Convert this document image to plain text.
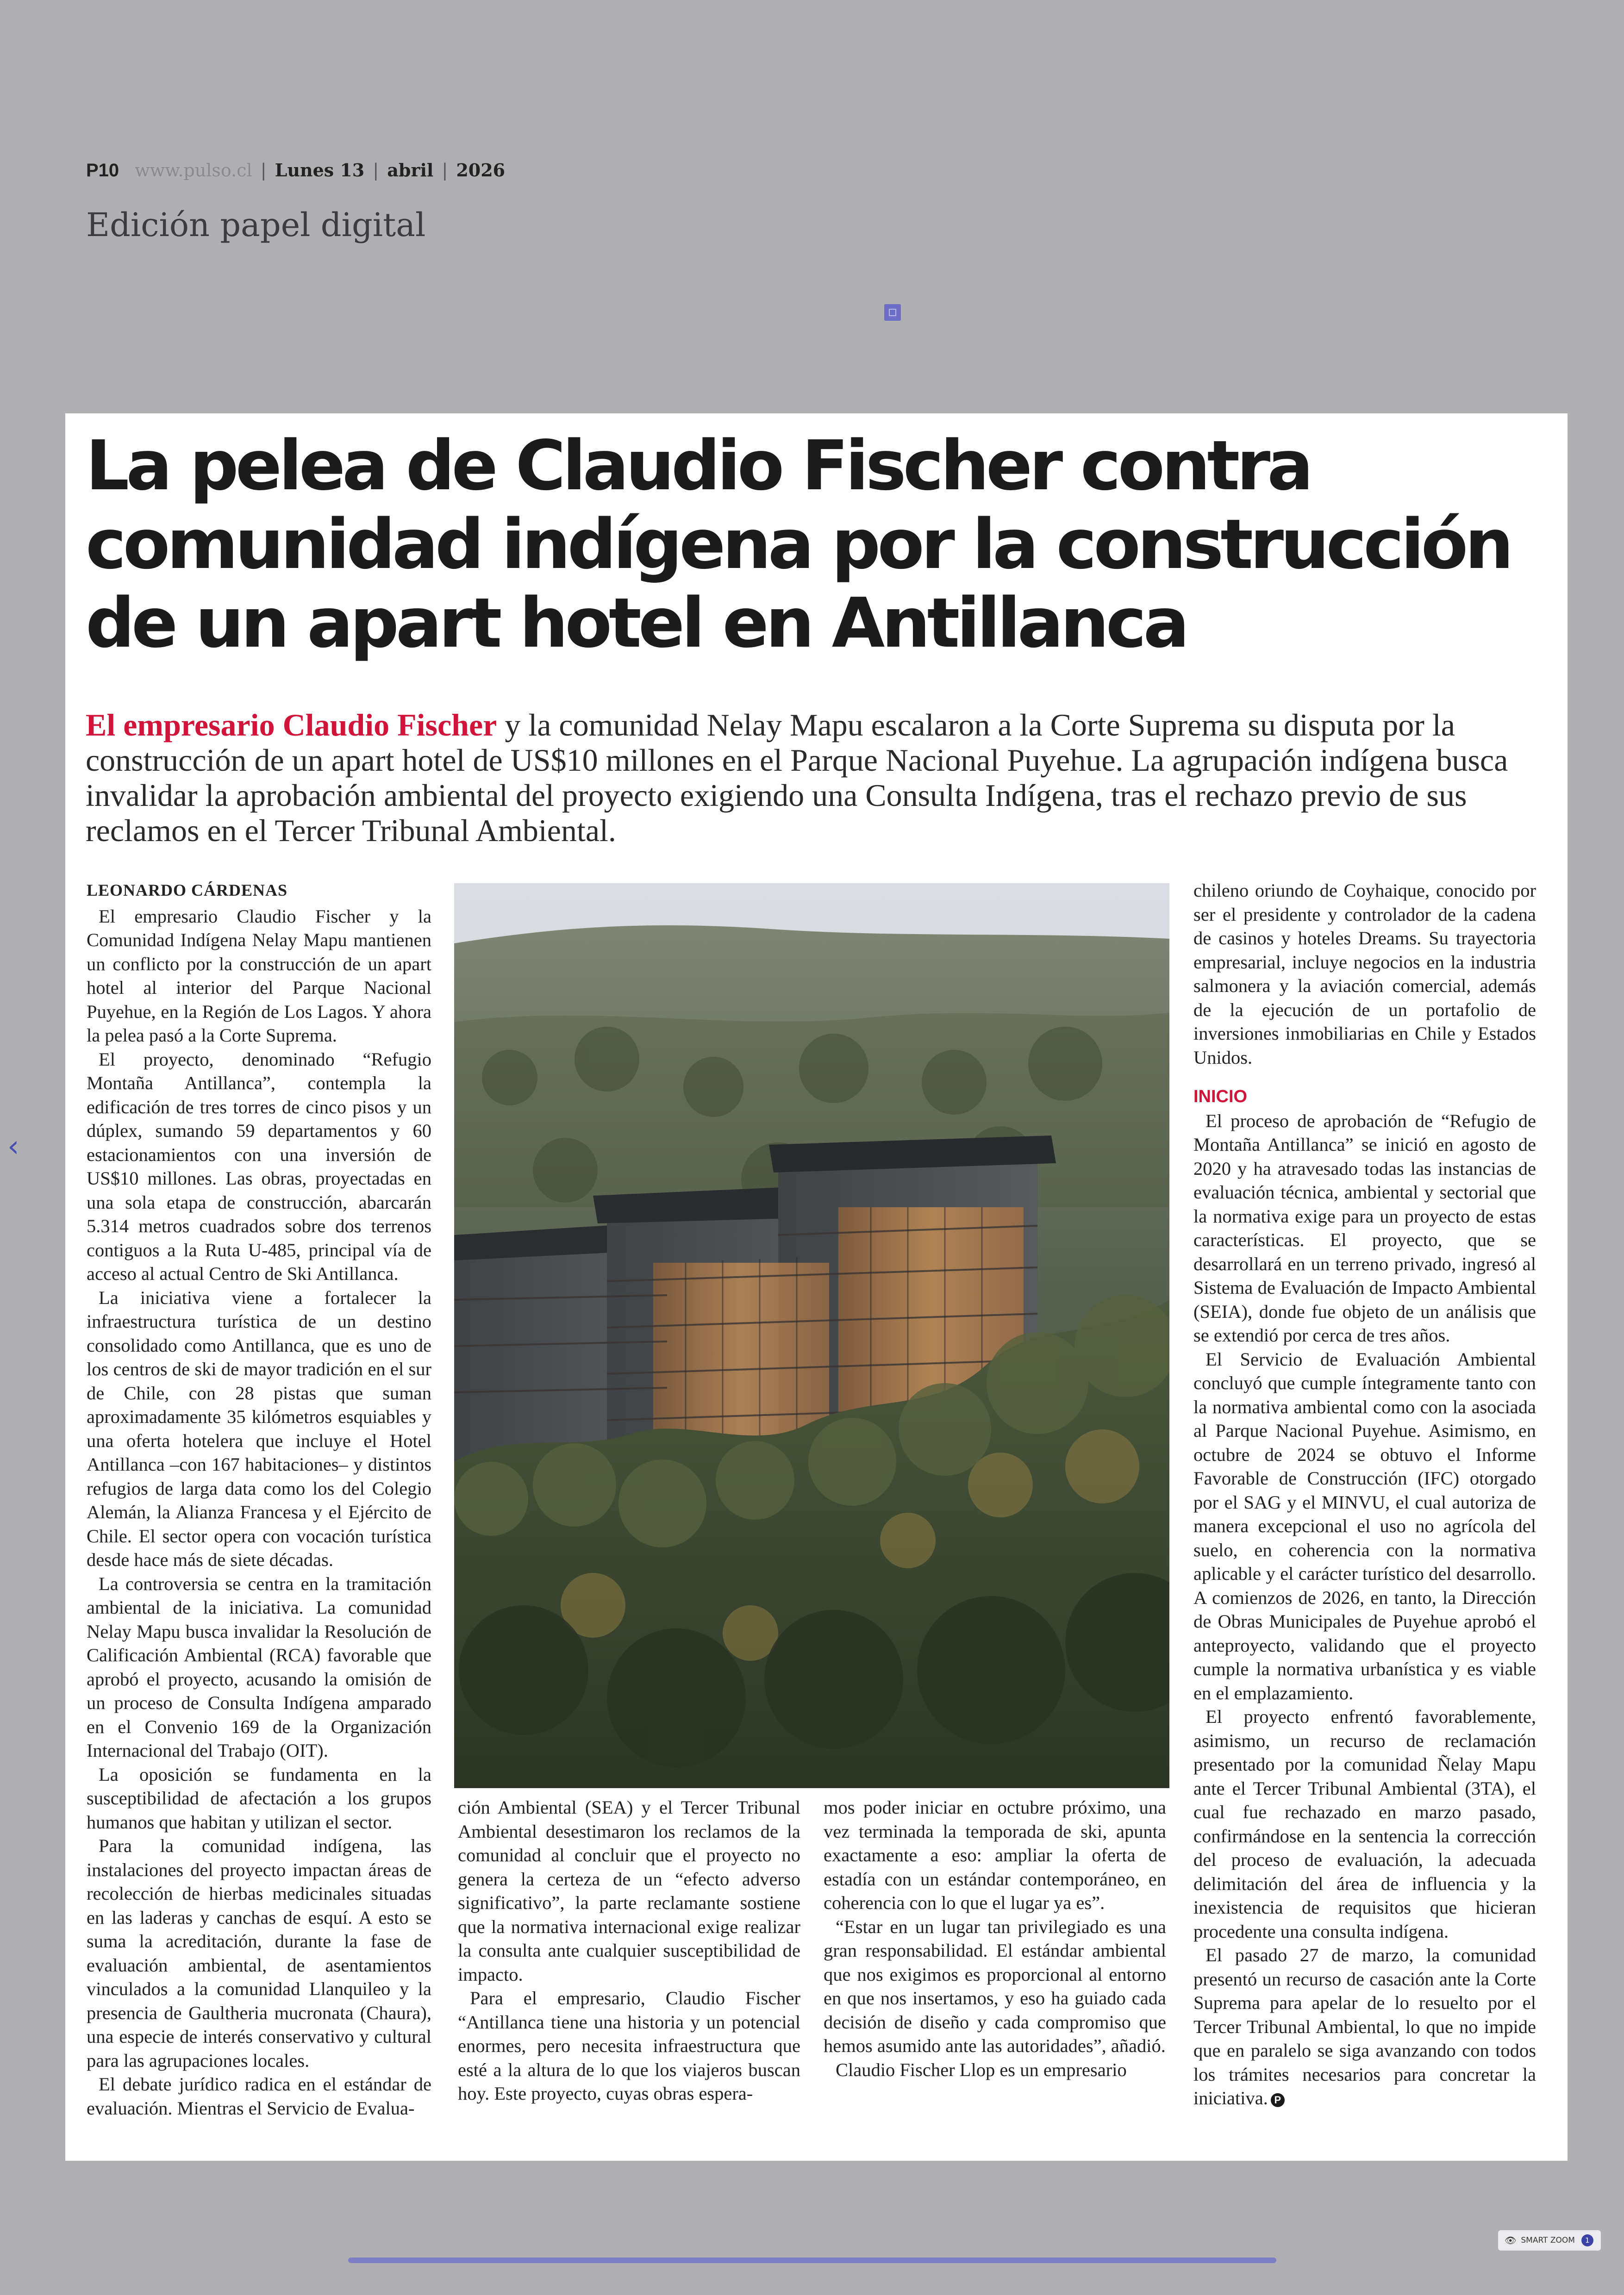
P10 www.pulso.cl | Lunes 13 | abril | 2026
Edición papel digital
‹
La pelea de Claudio Fischer contra comunidad indígena por la construcción de un apart hotel en Antillanca

El empresario Claudio Fischer y la comunidad Nelay Mapu escalaron a la Corte Suprema su disputa por la construcción de un apart hotel de US$10 millones en el Parque Nacional Puyehue. La agrupación indígena busca invalidar la aprobación ambiental del proyecto exigiendo una Consulta Indígena, tras el rechazo previo de sus reclamos en el Tercer Tribunal Ambiental.

LEONARDO CÁRDENAS

El empresario Claudio Fischer y la Comunidad Indígena Nelay Mapu mantienen un conflicto por la construcción de un apart hotel al interior del Parque Nacional Puyehue, en la Región de Los Lagos. Y ahora la pelea pasó a la Corte Suprema.

El proyecto, denominado “Refugio Montaña Antillanca”, contempla la edificación de tres torres de cinco pisos y un dúplex, sumando 59 departamentos y 60 estacionamientos con una inversión de US$10 millones. Las obras, proyectadas en una sola etapa de construcción, abarcarán 5.314 metros cuadrados sobre dos terrenos contiguos a la Ruta U-485, principal vía de acceso al actual Centro de Ski Antillanca.

La iniciativa viene a fortalecer la infraestructura turística de un destino consolidado como Antillanca, que es uno de los centros de ski de mayor tradición en el sur de Chile, con 28 pistas que suman aproximadamente 35 kilómetros esquiables y una oferta hotelera que incluye el Hotel Antillanca –con 167 habitaciones– y distintos refugios de larga data como los del Colegio Alemán, la Alianza Francesa y el Ejército de Chile. El sector opera con vocación turística desde hace más de siete décadas.

La controversia se centra en la tramitación ambiental de la iniciativa. La comunidad Nelay Mapu busca invalidar la Resolución de Calificación Ambiental (RCA) favorable que aprobó el proyecto, acusando la omisión de un proceso de Consulta Indígena amparado en el Convenio 169 de la Organización Internacional del Trabajo (OIT).

La oposición se fundamenta en la susceptibilidad de afectación a los grupos humanos que habitan y utilizan el sector.

Para la comunidad indígena, las instalaciones del proyecto impactan áreas de recolección de hierbas medicinales situadas en las laderas y canchas de esquí. A esto se suma la acreditación, durante la fase de evaluación ambiental, de asentamientos vinculados a la comunidad Llanquileo y la presencia de Gaultheria mucronata (Chaura), una especie de interés conservativo y cultural para las agrupaciones locales.

El debate jurídico radica en el estándar de evaluación. Mientras el Servicio de Evalua-

ción Ambiental (SEA) y el Tercer Tribunal Ambiental desestimaron los reclamos de la comunidad al concluir que el proyecto no genera la certeza de un “efecto adverso significativo”, la parte reclamante sostiene que la normativa internacional exige realizar la consulta ante cualquier susceptibilidad de impacto.

Para el empresario, Claudio Fischer “Antillanca tiene una historia y un potencial enormes, pero necesita infraestructura que esté a la altura de lo que los viajeros buscan hoy. Este proyecto, cuyas obras espera-

mos poder iniciar en octubre próximo, una vez terminada la temporada de ski, apunta exactamente a eso: ampliar la oferta de estadía con un estándar contemporáneo, en coherencia con lo que el lugar ya es”.

“Estar en un lugar tan privilegiado es una gran responsabilidad. El estándar ambiental que nos exigimos es proporcional al entorno en que nos insertamos, y eso ha guiado cada decisión de diseño y cada compromiso que hemos asumido ante las autoridades”, añadió.

Claudio Fischer Llop es un empresario

chileno oriundo de Coyhaique, conocido por ser el presidente y controlador de la cadena de casinos y hoteles Dreams. Su trayectoria empresarial, incluye negocios en la industria salmonera y la aviación comercial, además de la ejecución de un portafolio de inversiones inmobiliarias en Chile y Estados Unidos.

INICIO

El proceso de aprobación de “Refugio de Montaña Antillanca” se inició en agosto de 2020 y ha atravesado todas las instancias de evaluación técnica, ambiental y sectorial que la normativa exige para un proyecto de estas características. El proyecto, que se desarrollará en un terreno privado, ingresó al Sistema de Evaluación de Impacto Ambiental (SEIA), donde fue objeto de un análisis que se extendió por cerca de tres años.

El Servicio de Evaluación Ambiental concluyó que cumple íntegramente tanto con la normativa ambiental como con la asociada al Parque Nacional Puyehue. Asimismo, en octubre de 2024 se obtuvo el Informe Favorable de Construcción (IFC) otorgado por el SAG y el MINVU, el cual autoriza de manera excepcional el uso no agrícola del suelo, en coherencia con la normativa aplicable y el carácter turístico del desarrollo. A comienzos de 2026, en tanto, la Dirección de Obras Municipales de Puyehue aprobó el anteproyecto, validando que el proyecto cumple la normativa urbanística y es viable en el emplazamiento.

El proyecto enfrentó favorablemente, asimismo, un recurso de reclamación presentado por la comunidad Ñelay Mapu ante el Tercer Tribunal Ambiental (3TA), el cual fue rechazado en marzo pasado, confirmándose en la sentencia la corrección del proceso de evaluación, la adecuada delimitación del área de influencia y la inexistencia de requisitos que hicieran procedente una consulta indígena.

El pasado 27 de marzo, la comunidad presentó un recurso de casación ante la Corte Suprema para apelar de lo resuelto por el Tercer Tribunal Ambiental, lo que no impide que en paralelo se siga avanzando con todos los trámites necesarios para concretar la iniciativa. P

👁 SMART ZOOM	1
